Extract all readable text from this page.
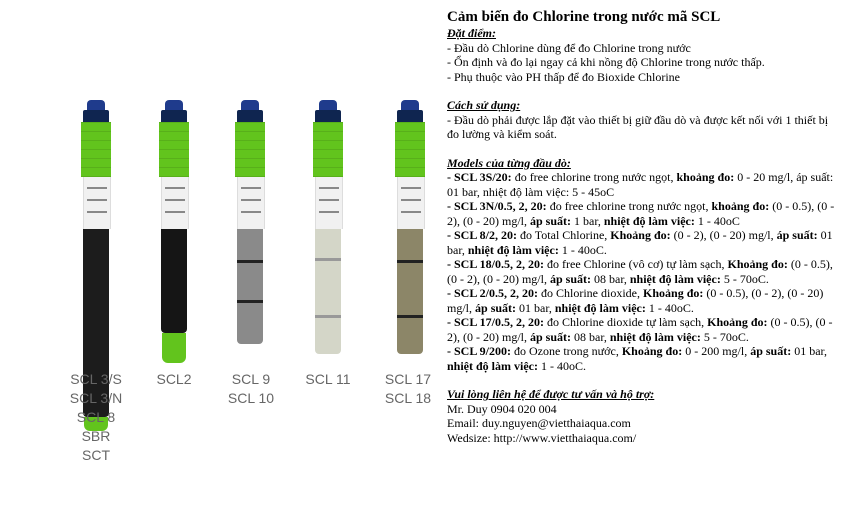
SCL 3/S
SCL 3/N
SCL 8
SBR
SCT
SCL2	SCL 9
SCL 10
SCL 11	SCL 17
SCL 18

Cảm biến đo Chlorine trong nước mã SCL

Đặt điểm:

- Đầu dò Chlorine dùng để đo Chlorine trong nước

- Ổn định và đo lại ngay cả khi nồng độ Chlorine trong nước thấp.

- Phụ thuộc vào PH thấp để đo Bioxide Chlorine

Cách sử dụng:

- Đầu dò phải được lắp đặt vào thiết bị giữ đầu dò và được kết nối với 1 thiết bị đo lường và kiểm soát.

Models của từng đầu dò:

- SCL 3S/20: đo free chlorine trong nước ngọt, khoảng đo: 0 - 20 mg/l, áp suất: 01 bar, nhiệt độ làm việc: 5 - 45oC

- SCL 3N/0.5, 2, 20: đo free chlorine trong nước ngọt, khoảng đo: (0 - 0.5), (0 - 2), (0 - 20) mg/l, áp suất: 1 bar, nhiệt độ làm việc: 1 - 40oC

- SCL 8/2, 20: đo Total Chlorine, Khoảng đo: (0 - 2), (0 - 20) mg/l, áp suất: 01 bar, nhiệt độ làm việc: 1 - 40oC.

- SCL 18/0.5, 2, 20: đo free Chlorine (vô cơ) tự làm sạch, Khoảng đo: (0 - 0.5), (0 - 2), (0 - 20) mg/l, áp suất: 08 bar, nhiệt độ làm việc: 5 - 70oC.

- SCL 2/0.5, 2, 20: đo Chlorine dioxide, Khoảng đo: (0 - 0.5), (0 - 2), (0 - 20) mg/l, áp suất: 01 bar, nhiệt độ làm việc: 1 - 40oC.

- SCL 17/0.5, 2, 20: đo Chlorine dioxide tự làm sạch, Khoảng đo: (0 - 0.5), (0 - 2), (0 - 20) mg/l, áp suất: 08 bar, nhiệt độ làm việc: 5 - 70oC.

- SCL 9/200: đo Ozone trong nước, Khoảng đo: 0 - 200 mg/l, áp suất: 01 bar, nhiệt độ làm việc: 1 - 40oC.

Vui lòng liên hệ để được tư vấn và hộ trợ:

Mr. Duy 0904 020 004

Email: duy.nguyen@vietthaiaqua.com

Wedsize: http://www.vietthaiaqua.com/
